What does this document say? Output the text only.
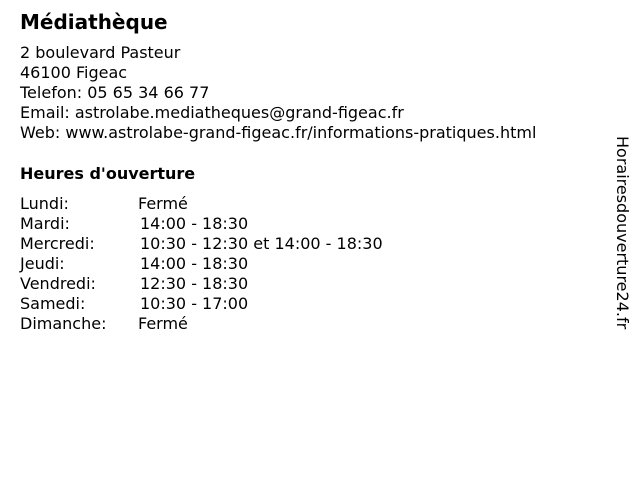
Médiathèque
2 boulevard Pasteur
46100 Figeac
Telefon: 05 65 34 66 77
Email: astrolabe.mediatheques@grand-figeac.fr
Web: www.astrolabe-grand-figeac.fr/informations-pratiques.html
Heures d'ouverture
Lundi:	Fermé
Mardi:	14:00 - 18:30
Mercredi:	10:30 - 12:30 et 14:00 - 18:30
Jeudi:	14:00 - 18:30
Vendredi:	12:30 - 18:30
Samedi:	10:30 - 17:00
Dimanche: Fermé	Horairesdouverture24.fr
